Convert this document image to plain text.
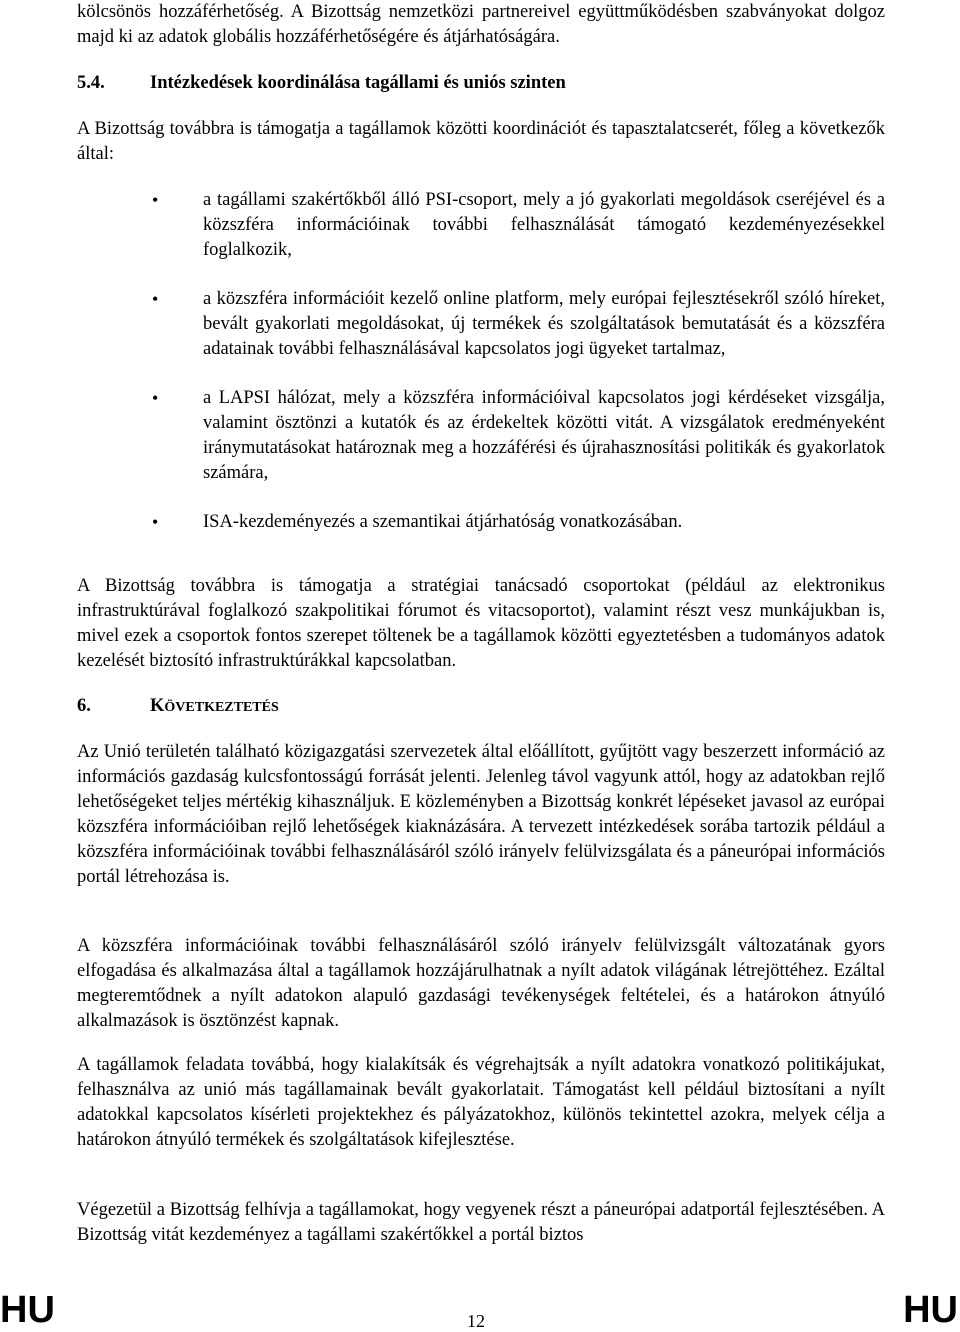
kölcsönös hozzáférhetőség. A Bizottság nemzetközi partnereivel együttműködésben szabványokat dolgoz majd ki az adatok globális hozzáférhetőségére és átjárhatóságára.

5.4.	Intézkedések koordinálása tagállami és uniós szinten

A Bizottság továbbra is támogatja a tagállamok közötti koordinációt és tapasztalatcserét, főleg a következők által:

• a tagállami szakértőkből álló PSI-csoport, mely a jó gyakorlati megoldások cseréjével és a közszféra információinak további felhasználását támogató kezdeményezésekkel foglalkozik,
• a közszféra információit kezelő online platform, mely európai fejlesztésekről szóló híreket, bevált gyakorlati megoldásokat, új termékek és szolgáltatások bemutatását és a közszféra adatainak további felhasználásával kapcsolatos jogi ügyeket tartalmaz,
• a LAPSI hálózat, mely a közszféra információival kapcsolatos jogi kérdéseket vizsgálja, valamint ösztönzi a kutatók és az érdekeltek közötti vitát. A vizsgálatok eredményeként iránymutatásokat határoznak meg a hozzáférési és újrahasznosítási politikák és gyakorlatok számára,
• ISA-kezdeményezés a szemantikai átjárhatóság vonatkozásában.

A Bizottság továbbra is támogatja a stratégiai tanácsadó csoportokat (például az elektronikus infrastruktúrával foglalkozó szakpolitikai fórumot és vitacsoportot), valamint részt vesz munkájukban is, mivel ezek a csoportok fontos szerepet töltenek be a tagállamok közötti egyeztetésben a tudományos adatok kezelését biztosító infrastruktúrákkal kapcsolatban.

6.	KÖVETKEZTETÉS

Az Unió területén található közigazgatási szervezetek által előállított, gyűjtött vagy beszerzett információ az információs gazdaság kulcsfontosságú forrását jelenti. Jelenleg távol vagyunk attól, hogy az adatokban rejlő lehetőségeket teljes mértékig kihasználjuk. E közleményben a Bizottság konkrét lépéseket javasol az európai közszféra információiban rejlő lehetőségek kiaknázására. A tervezett intézkedések sorába tartozik például a közszféra információinak további felhasználásáról szóló irányelv felülvizsgálata és a páneurópai információs portál létrehozása is.

A közszféra információinak további felhasználásáról szóló irányelv felülvizsgált változatának gyors elfogadása és alkalmazása által a tagállamok hozzájárulhatnak a nyílt adatok világának létrejöttéhez. Ezáltal megteremtődnek a nyílt adatokon alapuló gazdasági tevékenységek feltételei, és a határokon átnyúló alkalmazások is ösztönzést kapnak.

A tagállamok feladata továbbá, hogy kialakítsák és végrehajtsák a nyílt adatokra vonatkozó politikájukat, felhasználva az unió más tagállamainak bevált gyakorlatait. Támogatást kell például biztosítani a nyílt adatokkal kapcsolatos kísérleti projektekhez és pályázatokhoz, különös tekintettel azokra, melyek célja a határokon átnyúló termékek és szolgáltatások kifejlesztése.

Végezetül a Bizottság felhívja a tagállamokat, hogy vegyenek részt a páneurópai adatportál fejlesztésében. A Bizottság vitát kezdeményez a tagállami szakértőkkel a portál biztos

HU	12	HU
